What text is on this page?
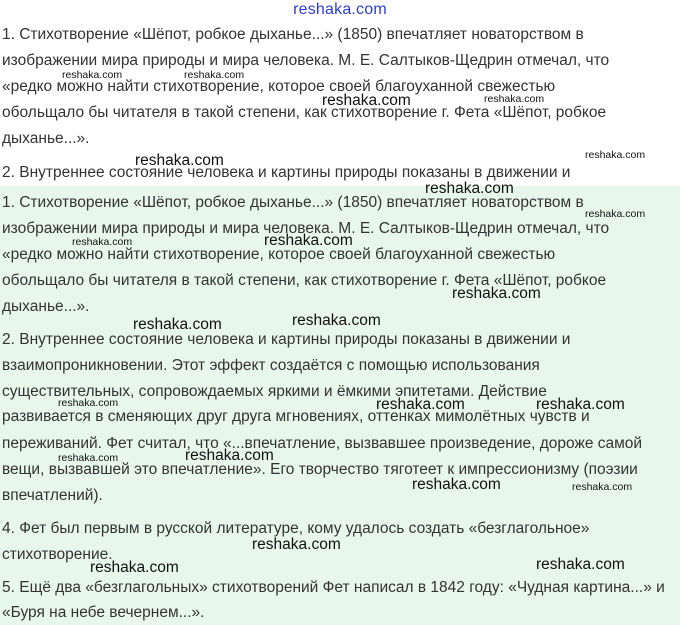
reshaka.com
1. Стихотворение «Шёпот, робкое дыханье...» (1850) впечатляет новаторством в
изображении мира природы и мира человека. М. Е. Салтыков-Щедрин отмечал, что
«редко можно найти стихотворение, которое своей благоуханной свежестью
обольщало бы читателя в такой степени, как стихотворение г. Фета «Шёпот, робкое
дыханье...».
2. Внутреннее состояние человека и картины природы показаны в движении и
1. Стихотворение «Шёпот, робкое дыханье...» (1850) впечатляет новаторством в
изображении мира природы и мира человека. М. Е. Салтыков-Щедрин отмечал, что
«редко можно найти стихотворение, которое своей благоуханной свежестью
обольщало бы читателя в такой степени, как стихотворение г. Фета «Шёпот, робкое
дыханье...».
2. Внутреннее состояние человека и картины природы показаны в движении и
взаимопроникновении. Этот эффект создаётся с помощью использования
существительных, сопровождаемых яркими и ёмкими эпитетами. Действие
развивается в сменяющих друг друга мгновениях, оттенках мимолётных чувств и
переживаний. Фет считал, что «...впечатление, вызвавшее произведение, дороже самой
вещи, вызвавшей это впечатление». Его творчество тяготеет к импрессионизму (поэзии
впечатлений).
4. Фет был первым в русской литературе, кому удалось создать «безглагольное»
стихотворение.
5. Ещё два «безглагольных» стихотворений Фет написал в 1842 году: «Чудная картина...» и
«Буря на небе вечернем...».
reshaka.com	reshaka.com
reshaka.com	reshaka.com
reshaka.com	reshaka.com
reshaka.com
reshaka.com
reshaka.com
reshaka.com
reshaka.com
reshaka.com	reshaka.com
reshaka.com	reshaka.com	reshaka.com
reshaka.com	reshaka.com
reshaka.com	reshaka.com
reshaka.com
reshaka.com	reshaka.com
